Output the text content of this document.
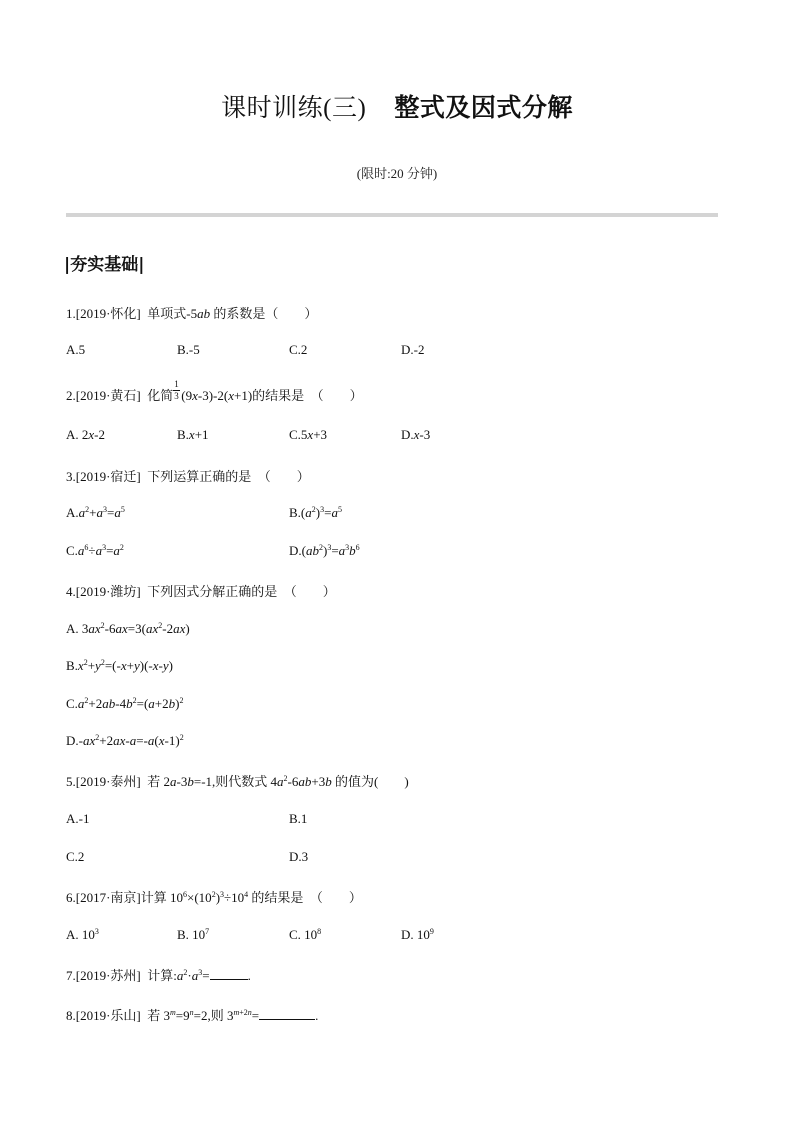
课时训练(三) 整式及因式分解
(限时:20 分钟)
|夯实基础|
1.[2019·怀化] 单项式-5ab 的系数是（　　）
A.5	B.-5	C.2	D.-2
2.[2019·黄石] 化简 $\frac{1}{3} (9x-3)-2(x+1)$的结果是　（　　）
A. 2x-2	B.x+1	C.5x+3	D.x-3
3.[2019·宿迁] 下列运算正确的是　（　　）
$A.a^2+a^3=a^5$	$B.(a^2)^3=a^5$
$C.a^6\div a^3=a^2$	$D.(ab^2)^3=a^3b^6$
4.[2019·潍坊] 下列因式分解正确的是　（　　）
A. $3ax^2-6ax=3(ax^2-2ax)$
$B.x^2+y^2=(-x+y)(-x-y)$
$C.a^2+2ab-4b^2=(a+2b)^2$
$D.-ax^2+2ax-a=-a(x-1)^2$
5.[2019·泰州] 若 2a-3b=-1,则代数式 $4a^2-6ab+3b$ 的值为(　　)
A.-1	B.1
C.2	D.3
6.[2017·南京]计算 $10^6\times(10^2)^3\div 10^4$ 的结果是　（　　）
A. $10^3$	B. $10^7$	C. $10^8$	D. $10^9$
7.[2019·苏州] 计算$:a^2\cdot a^3=$	.
8.[2019·乐山] 若 $3^m=9^n=2$,则 $3^{m+2n}=$	.
